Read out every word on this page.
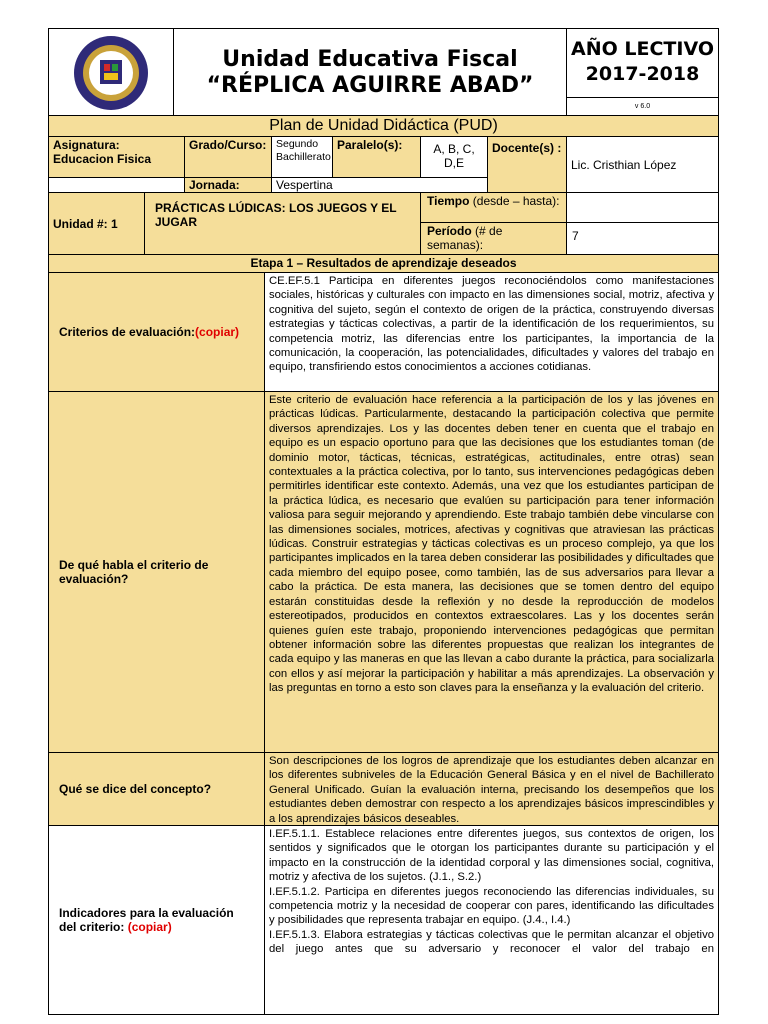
Unidad Educativa Fiscal
“RÉPLICA AGUIRRE ABAD”
AÑO LECTIVO
2017-2018
v 6.0
Plan de Unidad Didáctica (PUD)
Asignatura:
Educacion Fisica
Grado/Curso: Segundo Bachillerato
Paralelo(s):	A, B, C, D,E
Docente(s) :
Lic. Cristhian López
Jornada:	Vespertina
Unidad #: 1
PRÁCTICAS LÚDICAS: LOS JUEGOS Y EL JUGAR
Tiempo (desde – hasta):
Período (# de semanas):
7
Etapa 1 – Resultados de aprendizaje deseados
Criterios de evaluación:(copiar)
CE.EF.5.1 Participa en diferentes juegos reconociéndolos como manifestaciones sociales, históricas y culturales con impacto en las dimensiones social, motriz, afectiva y cognitiva del sujeto, según el contexto de origen de la práctica, construyendo diversas estrategias y tácticas colectivas, a partir de la identificación de los requerimientos, su competencia motriz, las diferencias entre los participantes, la importancia de la comunicación, la cooperación, las potencialidades, dificultades y valores del trabajo en equipo, transfiriendo estos conocimientos a acciones cotidianas.
De qué habla el criterio de evaluación?
Este criterio de evaluación hace referencia a la participación de los y las jóvenes en prácticas lúdicas. Particularmente, destacando la participación colectiva que permite diversos aprendizajes. Los y las docentes deben tener en cuenta que el trabajo en equipo es un espacio oportuno para que las decisiones que los estudiantes toman (de dominio motor, tácticas, técnicas, estratégicas, actitudinales, entre otras) sean contextuales a la práctica colectiva, por lo tanto, sus intervenciones pedagógicas deben permitirles identificar este contexto. Además, una vez que los estudiantes participan de la práctica lúdica, es necesario que evalúen su participación para tener información valiosa para seguir mejorando y aprendiendo. Este trabajo también debe vincularse con las dimensiones sociales, motrices, afectivas y cognitivas que atraviesan las prácticas lúdicas. Construir estrategias y tácticas colectivas es un proceso complejo, ya que los participantes implicados en la tarea deben considerar las posibilidades y dificultades que cada miembro del equipo posee, como también, las de sus adversarios para llevar a cabo la práctica. De esta manera, las decisiones que se tomen dentro del equipo estarán constituidas desde la reflexión y no desde la reproducción de modelos estereotipados, producidos en contextos extraescolares. Las y los docentes serán quienes guíen este trabajo, proponiendo intervenciones pedagógicas que permitan obtener información sobre las diferentes propuestas que realizan los integrantes de cada equipo y las maneras en que las llevan a cabo durante la práctica, para socializarla con ellos y así mejorar la participación y habilitar a más aprendizajes. La observación y las preguntas en torno a esto son claves para la enseñanza y la evaluación del criterio.
Qué se dice del concepto?
Son descripciones de los logros de aprendizaje que los estudiantes deben alcanzar en los diferentes subniveles de la Educación General Básica y en el nivel de Bachillerato General Unificado. Guían la evaluación interna, precisando los desempeños que los estudiantes deben demostrar con respecto a los aprendizajes básicos imprescindibles y a los aprendizajes básicos deseables.
Indicadores para la evaluación del criterio: (copiar)
I.EF.5.1.1. Establece relaciones entre diferentes juegos, sus contextos de origen, los sentidos y significados que le otorgan los participantes durante su participación y el impacto en la construcción de la identidad corporal y las dimensiones social, cognitiva, motriz y afectiva de los sujetos. (J.1., S.2.)
I.EF.5.1.2. Participa en diferentes juegos reconociendo las diferencias individuales, su competencia motriz y la necesidad de cooperar con pares, identificando las dificultades y posibilidades que representa trabajar en equipo. (J.4., I.4.)
I.EF.5.1.3. Elabora estrategias y tácticas colectivas que le permitan alcanzar el objetivo del juego antes que su adversario y reconocer el valor del trabajo en
